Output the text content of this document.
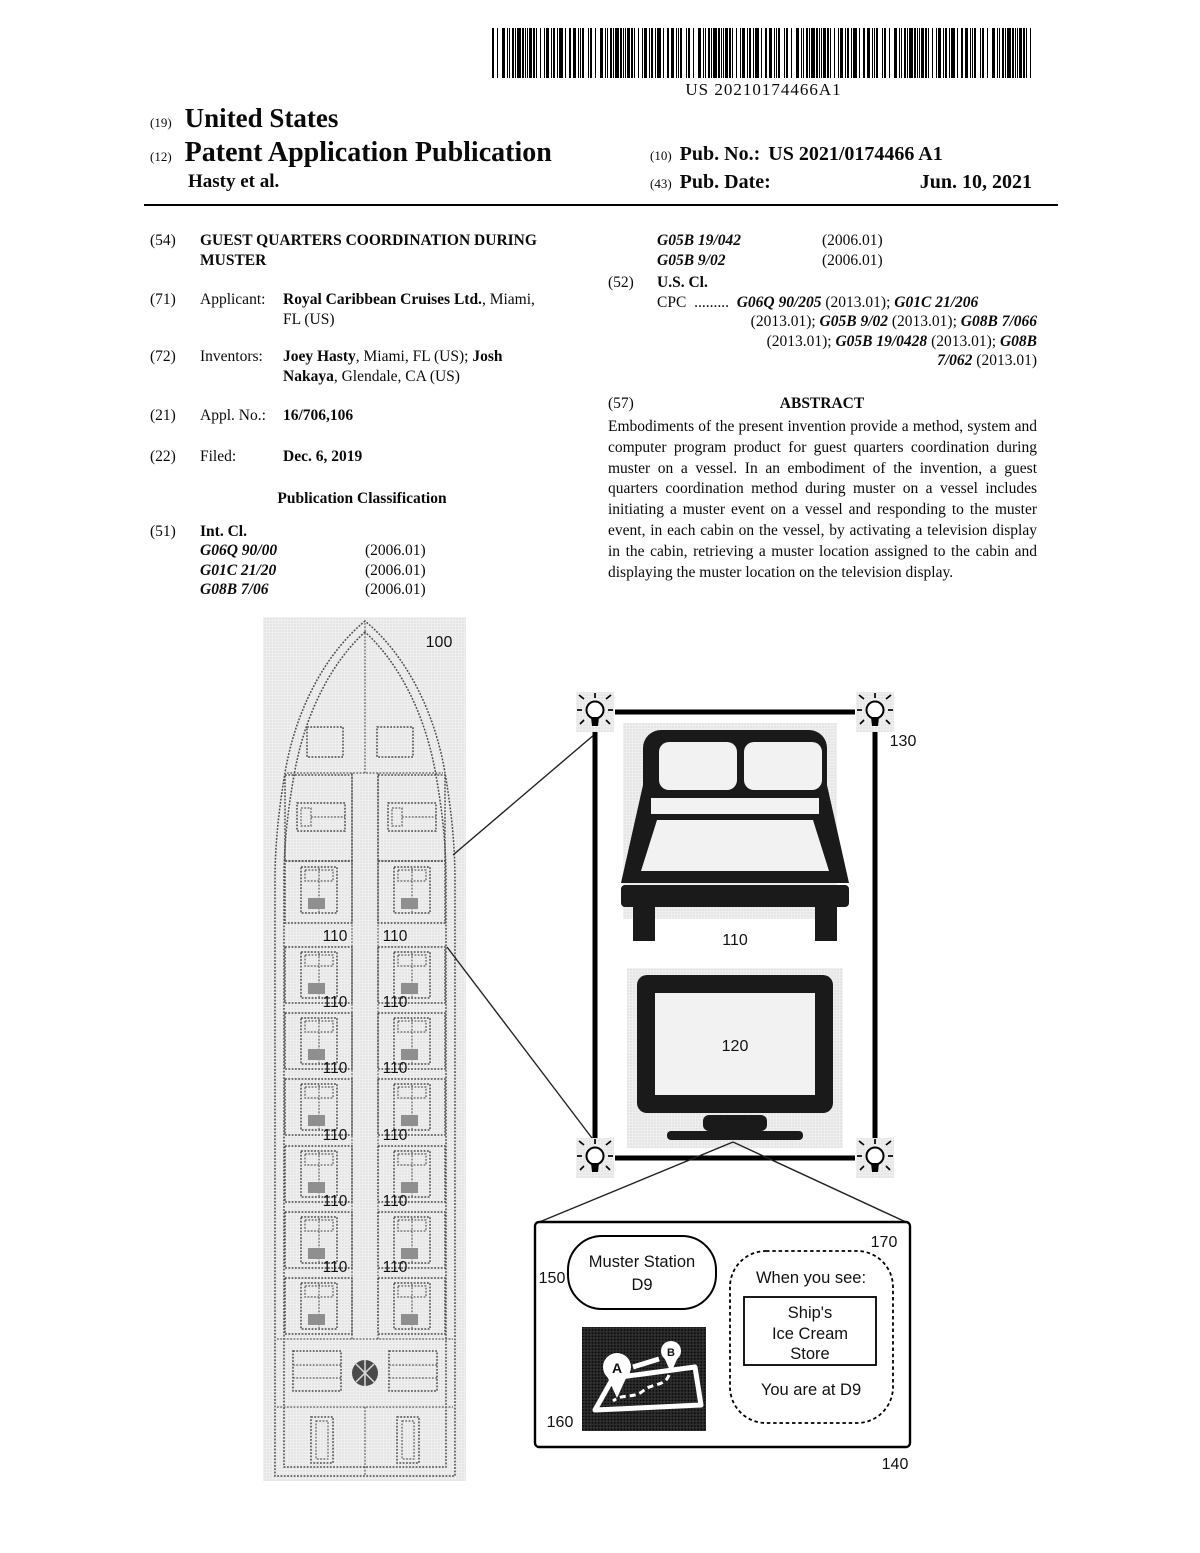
US 20210174466A1
(19) United States
(12) Patent Application Publication
Hasty et al.
(10) Pub. No.: US 2021/0174466 A1
(43) Pub. Date:	Jun. 10, 2021
(54)	GUEST QUARTERS COORDINATION DURING MUSTER
(71)	Applicant:	Royal Caribbean Cruises Ltd., Miami,
FL (US)
(72)	Inventors:	Joey Hasty, Miami, FL (US); Josh
Nakaya, Glendale, CA (US)
(21)	Appl. No.:	16/706,106
(22)	Filed:	Dec. 6, 2019
Publication Classification
(51)	Int. Cl.
G06Q 90/00	(2006.01)
G01C 21/20	(2006.01)
G08B 7/06	(2006.01)
G05B 19/042	(2006.01)
G05B 9/02	(2006.01)
(52)	U.S. Cl.
CPC  .........  G06Q 90/205 (2013.01); G01C 21/206
(2013.01); G05B 9/02 (2013.01); G08B 7/066
(2013.01); G05B 19/0428 (2013.01); G08B
7/062 (2013.01)
(57)	ABSTRACT
Embodiments of the present invention provide a method, system and computer program product for guest quarters coordination during muster on a vessel. In an embodiment of the invention, a guest quarters coordination method during muster on a vessel includes initiating a muster event on a vessel and responding to the muster event, in each cabin on the vessel, by activating a television display in the cabin, retrieving a muster location assigned to the cabin and displaying the muster location on the television display.
110 110
110 110
110 110
110 110
110 110
110 110
100
130
110
120
140
Muster Station
D9
150
B
A
160
When you see:
Ship's
Ice Cream
Store
You are at D9
170
